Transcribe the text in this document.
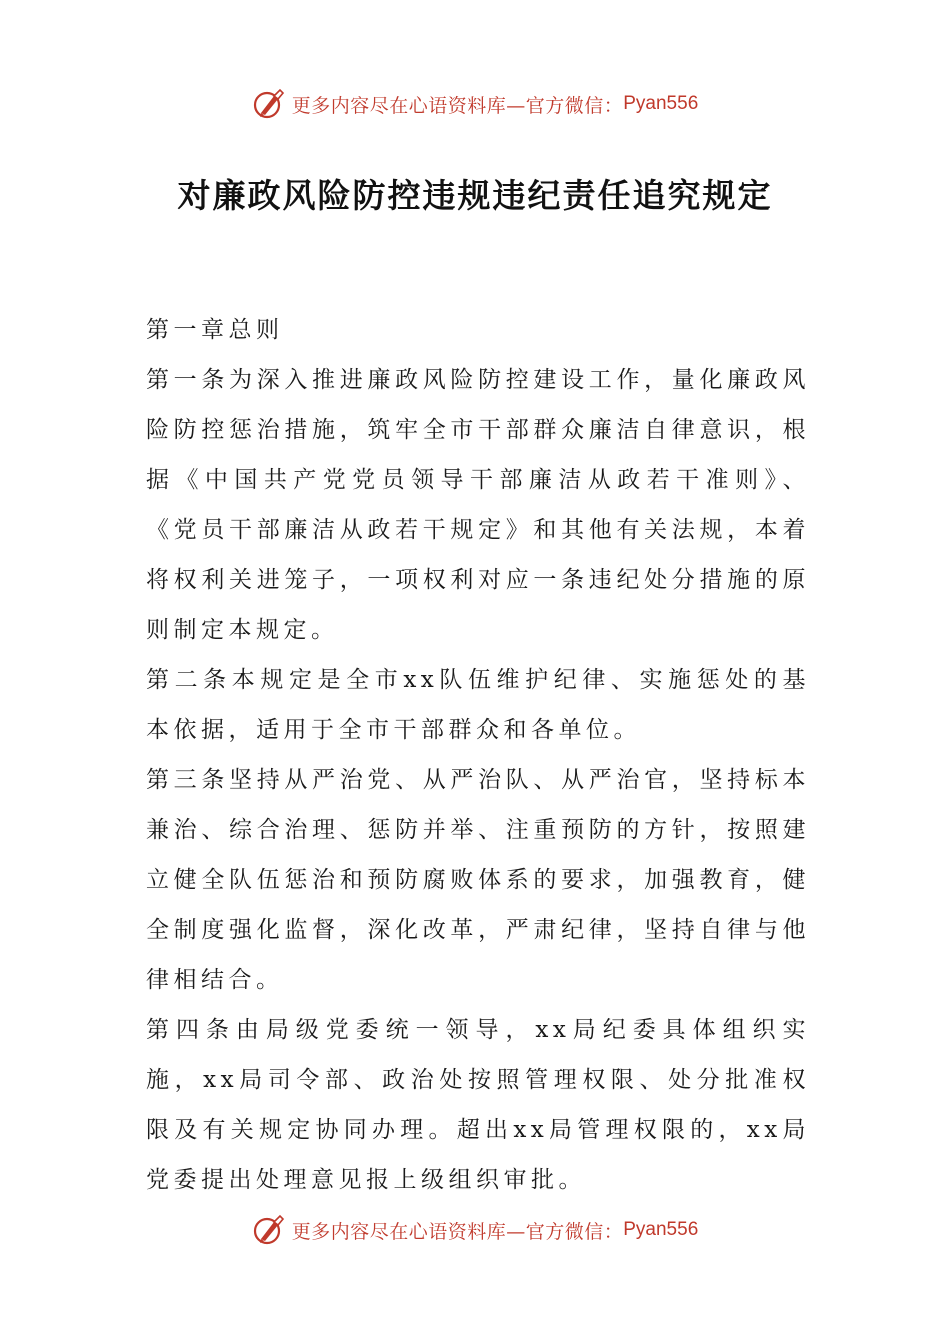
更多内容尽在心语资料库—官方微信： Pyan556
对廉政风险防控违规违纪责任追究规定

第一章总则

第一条为深入推进廉政风险防控建设工作，量化廉政风险防控惩治措施，筑牢全市干部群众廉洁自律意识，根据《中国共产党党员领导干部廉洁从政若干准则》、《党员干部廉洁从政若干规定》和其他有关法规，本着将权利关进笼子，一项权利对应一条违纪处分措施的原则制定本规定。

第二条本规定是全市xx队伍维护纪律、实施惩处的基本依据，适用于全市干部群众和各单位。

第三条坚持从严治党、从严治队、从严治官，坚持标本兼治、综合治理、惩防并举、注重预防的方针，按照建立健全队伍惩治和预防腐败体系的要求，加强教育，健全制度强化监督，深化改革，严肃纪律，坚持自律与他律相结合。

第四条由局级党委统一领导，xx局纪委具体组织实施，xx局司令部、政治处按照管理权限、处分批准权限及有关规定协同办理。超出xx局管理权限的，xx局党委提出处理意见报上级组织审批。

更多内容尽在心语资料库—官方微信： Pyan556
